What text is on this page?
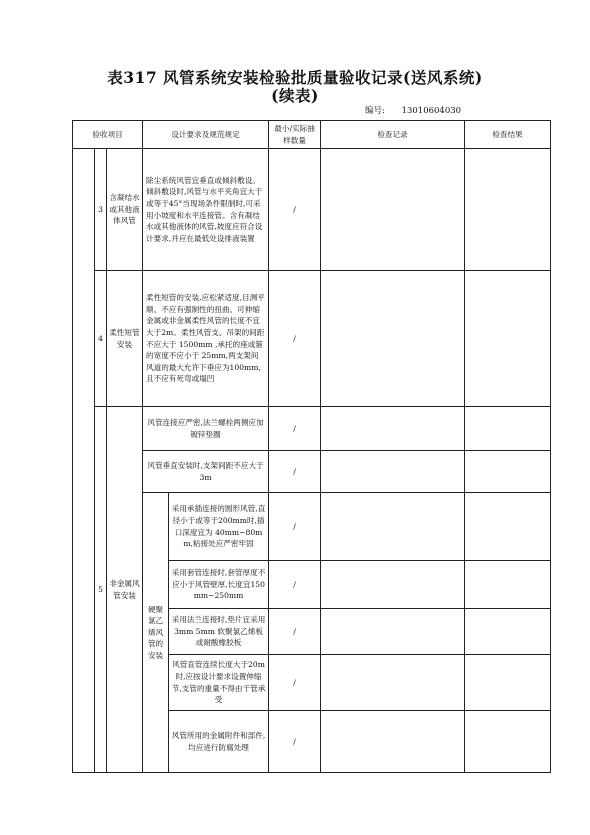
表317 风管系统安装检验批质量验收记录(送风系统)
(续表)
编号: 13010604030
验收项目			设计要求及规范规定		最小/实际抽样数量	检查记录	检查结果
	3	含凝结水或其他液体风管	除尘系统风管宜垂直或倾斜敷设。倾斜敷设时,风管与水平夹角宜大于或等于45°当现场条件限制时,可采用小坡度和水平连接管。含有凝结水或其他液体的风管,坡度应符合设计要求,并应在最低处设排液装置		/		
	4	柔性短管安装	柔性短管的安装,应松紧适度,目测平顺、不应有强制性的扭曲。可伸缩金属或非金属柔性风管的长度不宜大于2m。柔性风管支、吊架的间距不应大于 1500mm ,承托的座或箍的宽度不应小于 25mm,两支架间风道的最大允许下垂应为100mm,且不应有死弯或塌凹		/		
	5	非金属风管安装	风管连接应严密,法兰螺栓两侧应加镀锌垫圈		/		
			风管垂直安装时,支架间距不应大于3m		/		
			硬聚氯乙烯风管的安装	采用承插连接的圆形风管,直径小于或等于200mm时,插口深度宜为 40mm~80mm,粘接处应严密牢固	/		
				采用套管连接时,套管厚度不应小于风管壁厚,长度宜150mm~250mm	/		
				采用法兰连接时,垫片宜采用 3mm 5mm 软聚氯乙烯板或耐酸橡胶板	/		
				风管直管连续长度大于20m时,应按设计要求设置伸缩节,支管的重量不得由干管承受	/		
				风管所用的金属附件和部件,均应进行防腐处理	/		
